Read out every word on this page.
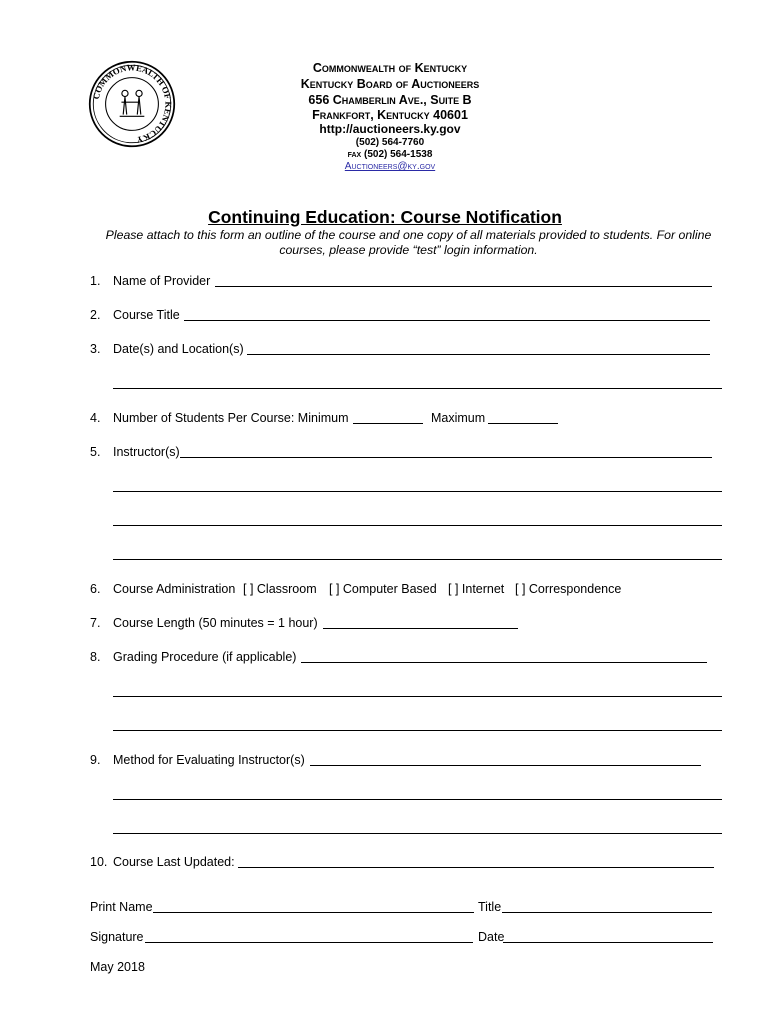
COMMONWEALTH OF KENTUCKY
Commonwealth of Kentucky
Kentucky Board of Auctioneers
656 Chamberlin Ave., Suite B
Frankfort, Kentucky 40601
http://auctioneers.ky.gov
(502) 564-7760
fax (502) 564-1538
Auctioneers@ky.gov
Continuing Education: Course Notification
Please attach to this form an outline of the course and one copy of all materials provided to students. For online courses, please provide “test” login information.
1. Name of Provider
2. Course Title
3. Date(s) and Location(s)
4. Number of Students Per Course: Minimum	Maximum
5. Instructor(s)
6. Course Administration [ ] Classroom [ ] Computer Based [ ] Internet [ ] Correspondence
7. Course Length (50 minutes = 1 hour)
8. Grading Procedure (if applicable)
9. Method for Evaluating Instructor(s)
10. Course Last Updated:
Print Name	Title
Signature	Date
May 2018
